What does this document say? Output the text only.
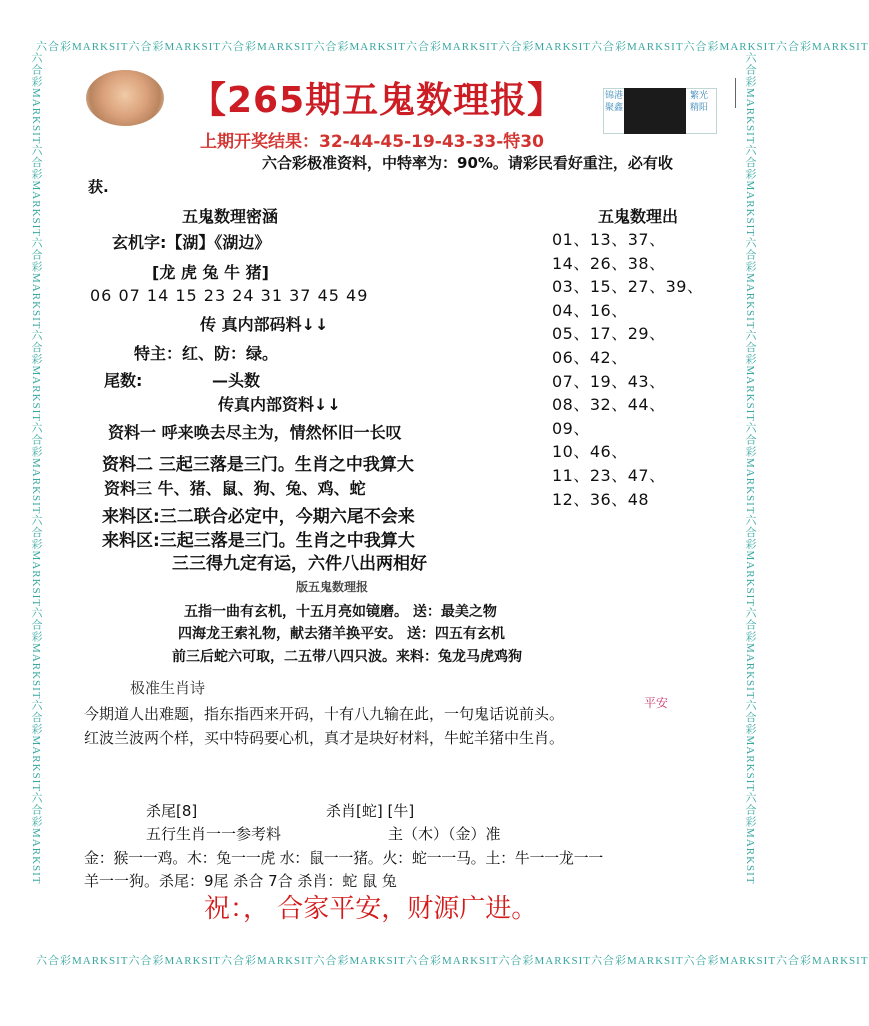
六合彩MARKSIT六合彩MARKSIT六合彩MARKSIT六合彩MARKSIT六合彩MARKSIT六合彩MARKSIT六合彩MARKSIT六合彩MARKSIT六合彩MARKSIT
六合彩MARKSIT六合彩MARKSIT六合彩MARKSIT六合彩MARKSIT六合彩MARKSIT六合彩MARKSIT六合彩MARKSIT六合彩MARKSIT六合彩MARKSIT
六合彩MARKSIT六合彩MARKSIT六合彩MARKSIT六合彩MARKSIT六合彩MARKSIT六合彩MARKSIT六合彩MARKSIT六合彩MARKSIT六合彩MARKSIT	六合彩MARKSIT六合彩MARKSIT六合彩MARKSIT六合彩MARKSIT六合彩MARKSIT六合彩MARKSIT六合彩MARKSIT六合彩MARKSIT六合彩MARKSIT
【265期五鬼数理报】
上期开奖结果：32-44-45-19-43-33-特30
锦港聚鑫
繁光精阳
六合彩极准资料，中特率为：90%。请彩民看好重注，必有收
获.
五鬼数理密涵
玄机字:【湖】《湖边》
[龙 虎 兔 牛 猪]
06 07 14 15 23 24 31 37 45 49
传 真内部码料↓↓
特主：红、防：绿。
尾数:	—头数
传真内部资料↓↓
资料一 呼来唤去尽主为，情然怀旧一长叹
资料二 三起三落是三门。生肖之中我算大
资料三 牛、猪、鼠、狗、兔、鸡、蛇
来料区:三二联合必定中，今期六尾不会来
来料区:三起三落是三门。生肖之中我算大
三三得九定有运，六件八出两相好
五鬼数理出
01、13、37、
14、26、38、
03、15、27、39、
04、16、
05、17、29、
06、42、
07、19、43、
08、32、44、
09、
10、46、
11、23、47、
12、36、48
版五鬼数理报
五指一曲有玄机，十五月亮如镜磨。 送：最美之物
四海龙王索礼物，献去猪羊换平安。 送：四五有玄机
前三后蛇六可取，二五带八四只波。来料：兔龙马虎鸡狗
极准生肖诗
今期道人出难题，指东指西来开码，十有八九输在此，一句鬼话说前头。
红波兰波两个样，买中特码要心机，真才是块好材料，牛蛇羊猪中生肖。
平安
杀尾[8]	杀肖[蛇] [牛]
五行生肖一一参考料	主（木）（金）准
金：猴一一鸡。木：兔一一虎 水：鼠一一猪。火：蛇一一马。土：牛一一龙一一
羊一一狗。杀尾：9尾 杀合 7合 杀肖：蛇 鼠 兔
祝：， 合家平安，财源广进。
